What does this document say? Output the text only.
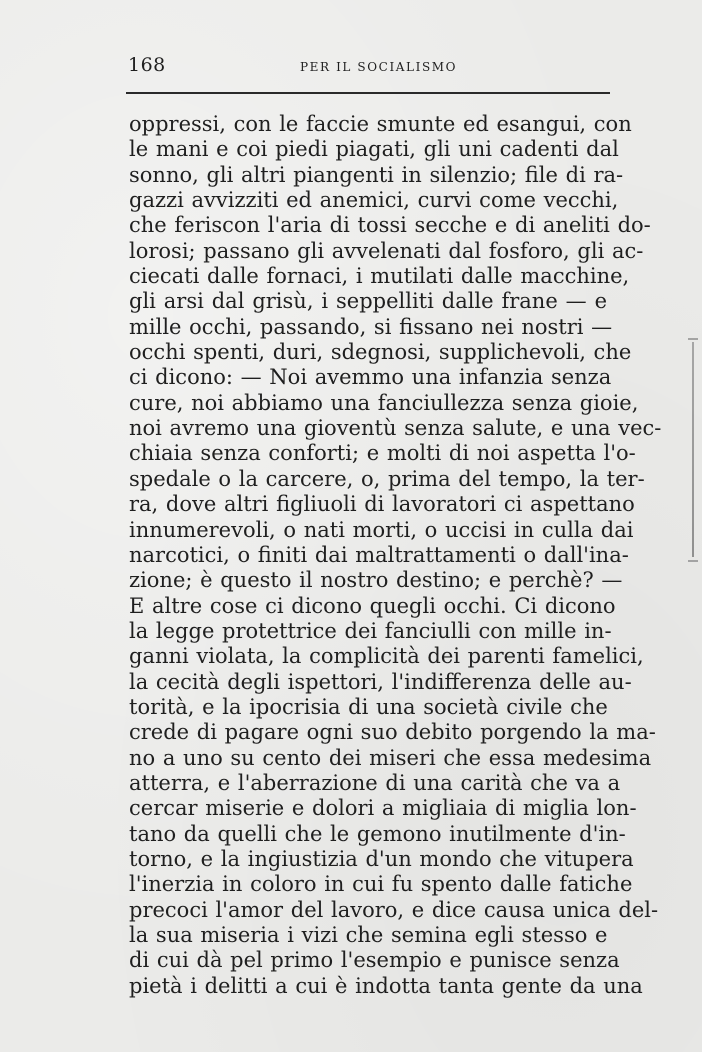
168	PER IL SOCIALISMO
oppressi, con le faccie smunte ed esangui, con
le mani e coi piedi piagati, gli uni cadenti dal
sonno, gli altri piangenti in silenzio; file di ra-
gazzi avvizziti ed anemici, curvi come vecchi,
che feriscon l'aria di tossi secche e di aneliti do-
lorosi; passano gli avvelenati dal fosforo, gli ac-
ciecati dalle fornaci, i mutilati dalle macchine,
gli arsi dal grisù, i seppelliti dalle frane — e
mille occhi, passando, si fissano nei nostri —
occhi spenti, duri, sdegnosi, supplichevoli, che
ci dicono: — Noi avemmo una infanzia senza
cure, noi abbiamo una fanciullezza senza gioie,
noi avremo una gioventù senza salute, e una vec-
chiaia senza conforti; e molti di noi aspetta l'o-
spedale o la carcere, o, prima del tempo, la ter-
ra, dove altri figliuoli di lavoratori ci aspettano
innumerevoli, o nati morti, o uccisi in culla dai
narcotici, o finiti dai maltrattamenti o dall'ina-
zione; è questo il nostro destino; e perchè? —
E altre cose ci dicono quegli occhi. Ci dicono
la legge protettrice dei fanciulli con mille in-
ganni violata, la complicità dei parenti famelici,
la cecità degli ispettori, l'indifferenza delle au-
torità, e la ipocrisia di una società civile che
crede di pagare ogni suo debito porgendo la ma-
no a uno su cento dei miseri che essa medesima
atterra, e l'aberrazione di una carità che va a
cercar miserie e dolori a migliaia di miglia lon-
tano da quelli che le gemono inutilmente d'in-
torno, e la ingiustizia d'un mondo che vitupera
l'inerzia in coloro in cui fu spento dalle fatiche
precoci l'amor del lavoro, e dice causa unica del-
la sua miseria i vizi che semina egli stesso e
di cui dà pel primo l'esempio e punisce senza
pietà i delitti a cui è indotta tanta gente da una
